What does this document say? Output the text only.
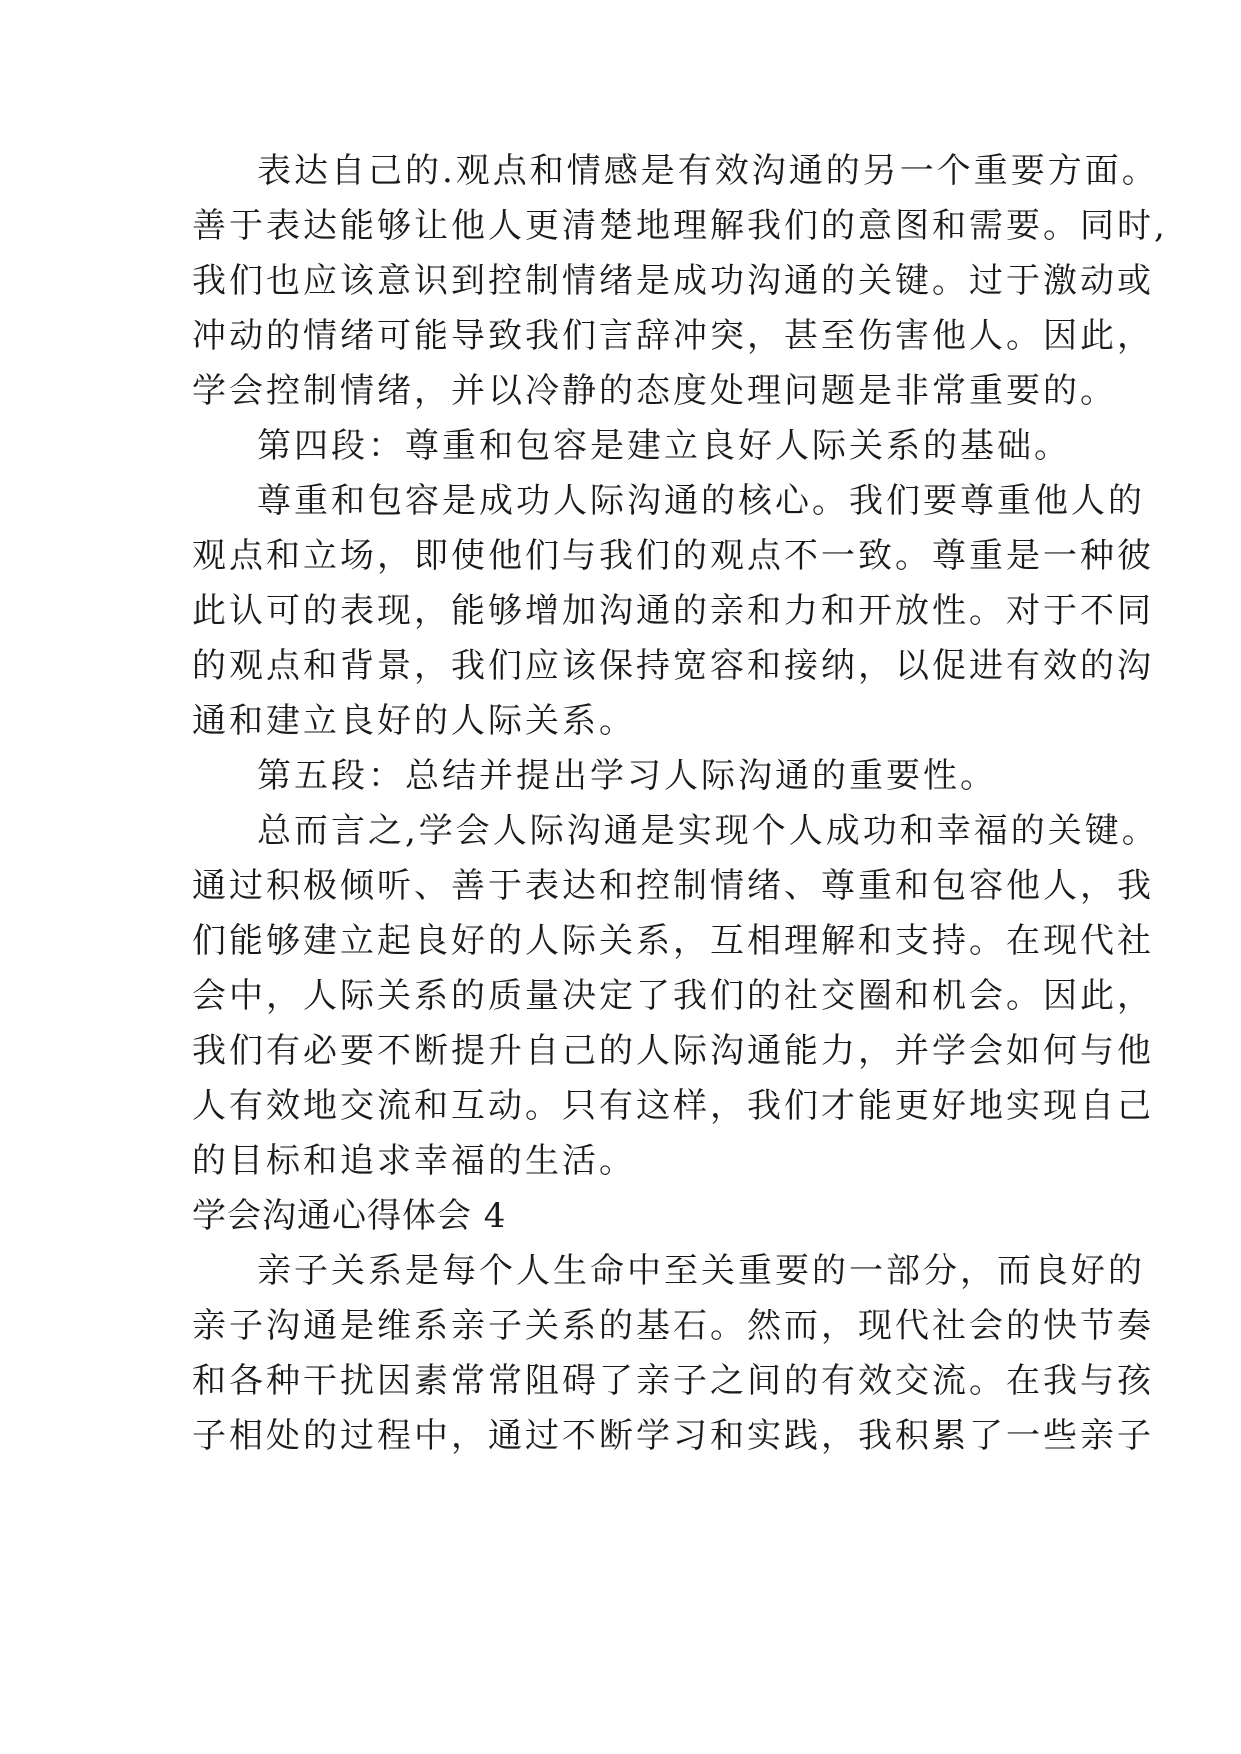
表达自己的.观点和情感是有效沟通的另一个重要方面。
善于表达能够让他人更清楚地理解我们的意图和需要。同时,
我们也应该意识到控制情绪是成功沟通的关键。过于激动或
冲动的情绪可能导致我们言辞冲突，甚至伤害他人。因此，
学会控制情绪，并以冷静的态度处理问题是非常重要的。
第四段：尊重和包容是建立良好人际关系的基础。
尊重和包容是成功人际沟通的核心。我们要尊重他人的
观点和立场，即使他们与我们的观点不一致。尊重是一种彼
此认可的表现，能够增加沟通的亲和力和开放性。对于不同
的观点和背景，我们应该保持宽容和接纳，以促进有效的沟
通和建立良好的人际关系。
第五段：总结并提出学习人际沟通的重要性。
总而言之,学会人际沟通是实现个人成功和幸福的关键。
通过积极倾听、善于表达和控制情绪、尊重和包容他人，我
们能够建立起良好的人际关系，互相理解和支持。在现代社
会中，人际关系的质量决定了我们的社交圈和机会。因此，
我们有必要不断提升自己的人际沟通能力，并学会如何与他
人有效地交流和互动。只有这样，我们才能更好地实现自己
的目标和追求幸福的生活。
学会沟通心得体会 4
亲子关系是每个人生命中至关重要的一部分，而良好的
亲子沟通是维系亲子关系的基石。然而，现代社会的快节奏
和各种干扰因素常常阻碍了亲子之间的有效交流。在我与孩
子相处的过程中，通过不断学习和实践，我积累了一些亲子
